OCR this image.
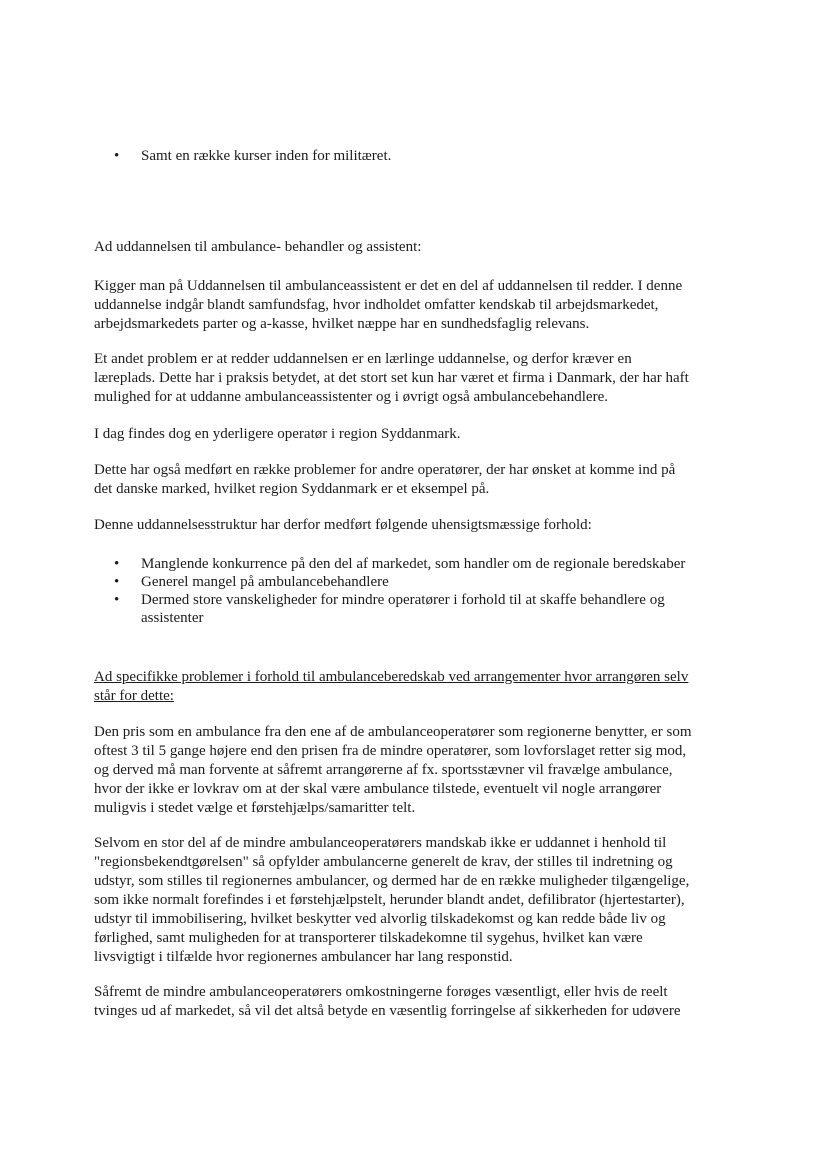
• Samt en række kurser inden for militæret.
Ad uddannelsen til ambulance- behandler og assistent:
Kigger man på Uddannelsen til ambulanceassistent er det en del af uddannelsen til redder. I denne
uddannelse indgår blandt samfundsfag, hvor indholdet omfatter kendskab til arbejdsmarkedet,
arbejdsmarkedets parter og a-kasse, hvilket næppe har en sundhedsfaglig relevans.
Et andet problem er at redder uddannelsen er en lærlinge uddannelse, og derfor kræver en
læreplads. Dette har i praksis betydet, at det stort set kun har været et firma i Danmark, der har haft
mulighed for at uddanne ambulanceassistenter og i øvrigt også ambulancebehandlere.
I dag findes dog en yderligere operatør i region Syddanmark.
Dette har også medført en række problemer for andre operatører, der har ønsket at komme ind på
det danske marked, hvilket region Syddanmark er et eksempel på.
Denne uddannelsesstruktur har derfor medført følgende uhensigtsmæssige forhold:
• Manglende konkurrence på den del af markedet, som handler om de regionale beredskaber
• Generel mangel på ambulancebehandlere
• Dermed store vanskeligheder for mindre operatører i forhold til at skaffe behandlere og
assistenter
Ad specifikke problemer i forhold til ambulanceberedskab ved arrangementer hvor arrangøren selv
står for dette:
Den pris som en ambulance fra den ene af de ambulanceoperatører som regionerne benytter, er som
oftest 3 til 5 gange højere end den prisen fra de mindre operatører, som lovforslaget retter sig mod,
og derved må man forvente at såfremt arrangørerne af fx. sportsstævner vil fravælge ambulance,
hvor der ikke er lovkrav om at der skal være ambulance tilstede, eventuelt vil nogle arrangører
muligvis i stedet vælge et førstehjælps/samaritter telt.
Selvom en stor del af de mindre ambulanceoperatørers mandskab ikke er uddannet i henhold til
"regionsbekendtgørelsen" så opfylder ambulancerne generelt de krav, der stilles til indretning og
udstyr, som stilles til regionernes ambulancer, og dermed har de en række muligheder tilgængelige,
som ikke normalt forefindes i et førstehjælpstelt, herunder blandt andet, defilibrator (hjertestarter),
udstyr til immobilisering, hvilket beskytter ved alvorlig tilskadekomst og kan redde både liv og
førlighed, samt muligheden for at transporterer tilskadekomne til sygehus, hvilket kan være
livsvigtigt i tilfælde hvor regionernes ambulancer har lang responstid.
Såfremt de mindre ambulanceoperatørers omkostningerne forøges væsentligt, eller hvis de reelt
tvinges ud af markedet, så vil det altså betyde en væsentlig forringelse af sikkerheden for udøvere
